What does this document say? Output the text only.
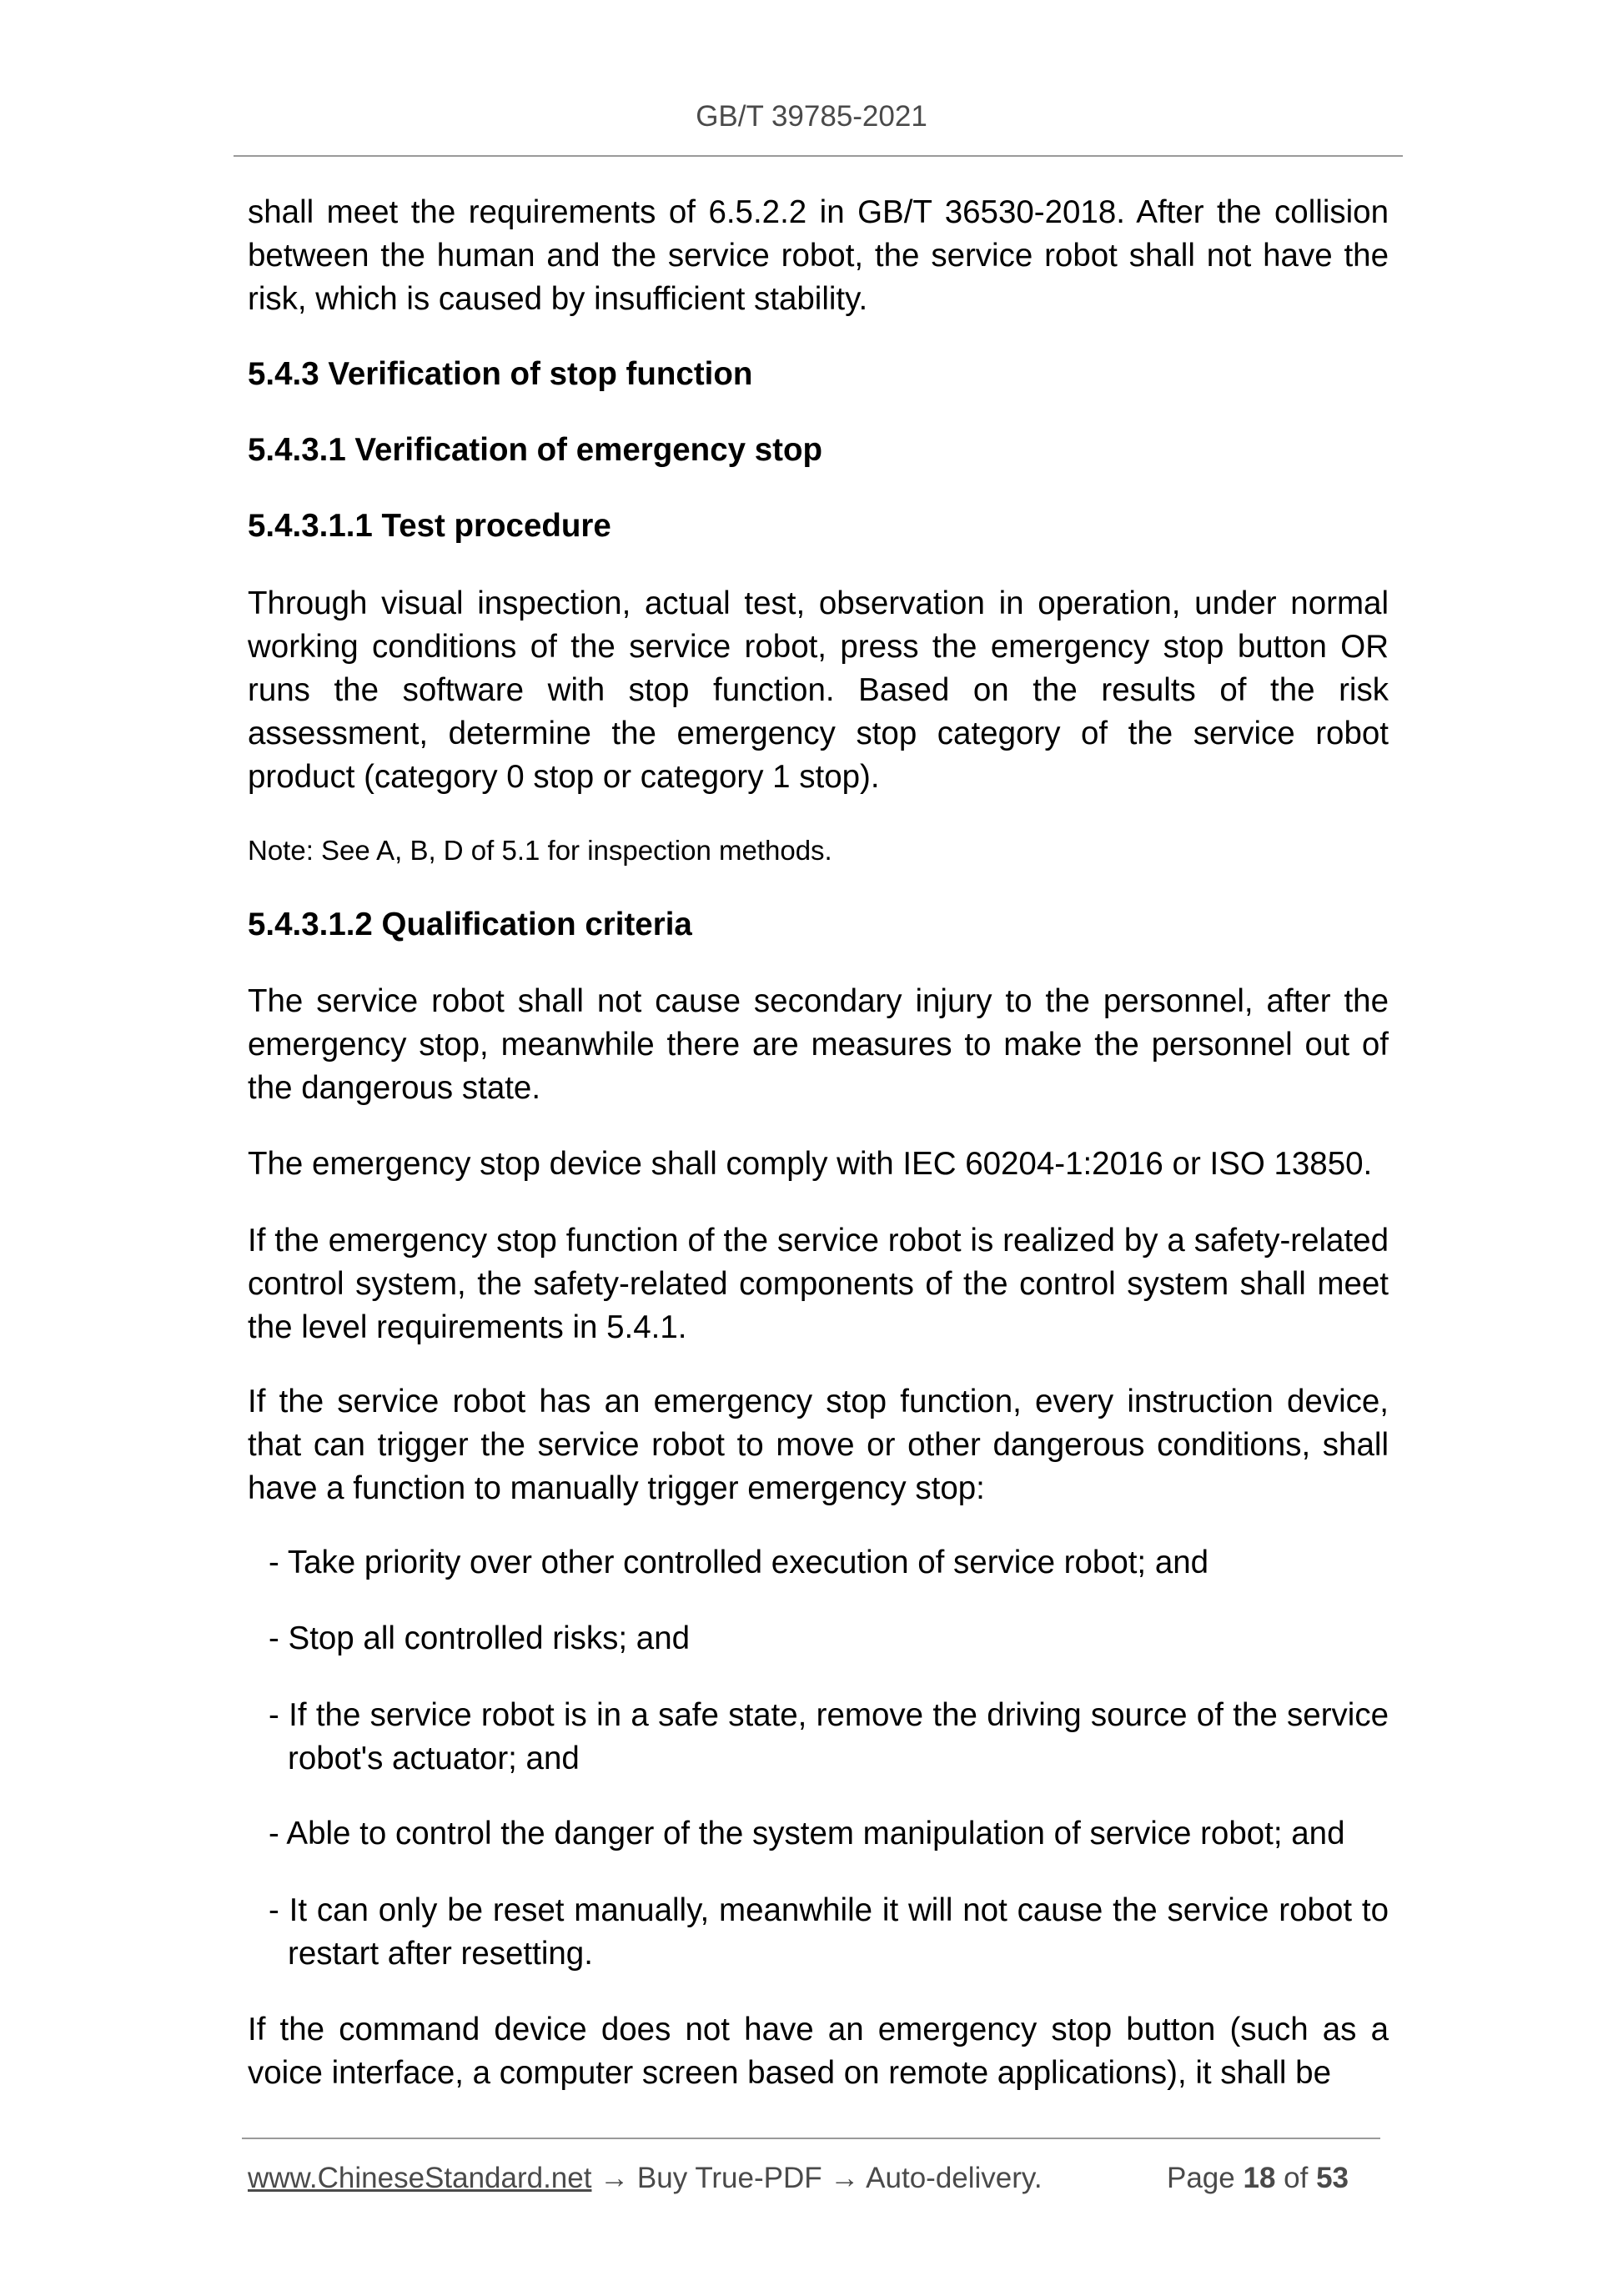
GB/T 39785-2021

shall meet the requirements of 6.5.2.2 in GB/T 36530-2018. After the collision between the human and the service robot, the service robot shall not have the risk, which is caused by insufficient stability.

5.4.3 Verification of stop function
5.4.3.1 Verification of emergency stop
5.4.3.1.1 Test procedure

Through visual inspection, actual test, observation in operation, under normal working conditions of the service robot, press the emergency stop button OR runs the software with stop function. Based on the results of the risk assessment, determine the emergency stop category of the service robot product (category 0 stop or category 1 stop).

Note: See A, B, D of 5.1 for inspection methods.
5.4.3.1.2 Qualification criteria

The service robot shall not cause secondary injury to the personnel, after the emergency stop, meanwhile there are measures to make the personnel out of the dangerous state.

The emergency stop device shall comply with IEC 60204-1:2016 or ISO 13850.

If the emergency stop function of the service robot is realized by a safety-related control system, the safety-related components of the control system shall meet the level requirements in 5.4.1.

If the service robot has an emergency stop function, every instruction device, that can trigger the service robot to move or other dangerous conditions, shall have a function to manually trigger emergency stop:

- Take priority over other controlled execution of service robot; and

- Stop all controlled risks; and

- If the service robot is in a safe state, remove the driving source of the service robot's actuator; and

- Able to control the danger of the system manipulation of service robot; and

- It can only be reset manually, meanwhile it will not cause the service robot to restart after resetting.

If the command device does not have an emergency stop button (such as a voice interface, a computer screen based on remote applications), it shall be

www.ChineseStandard.net → Buy True-PDF → Auto-delivery.	Page 18 of 53
